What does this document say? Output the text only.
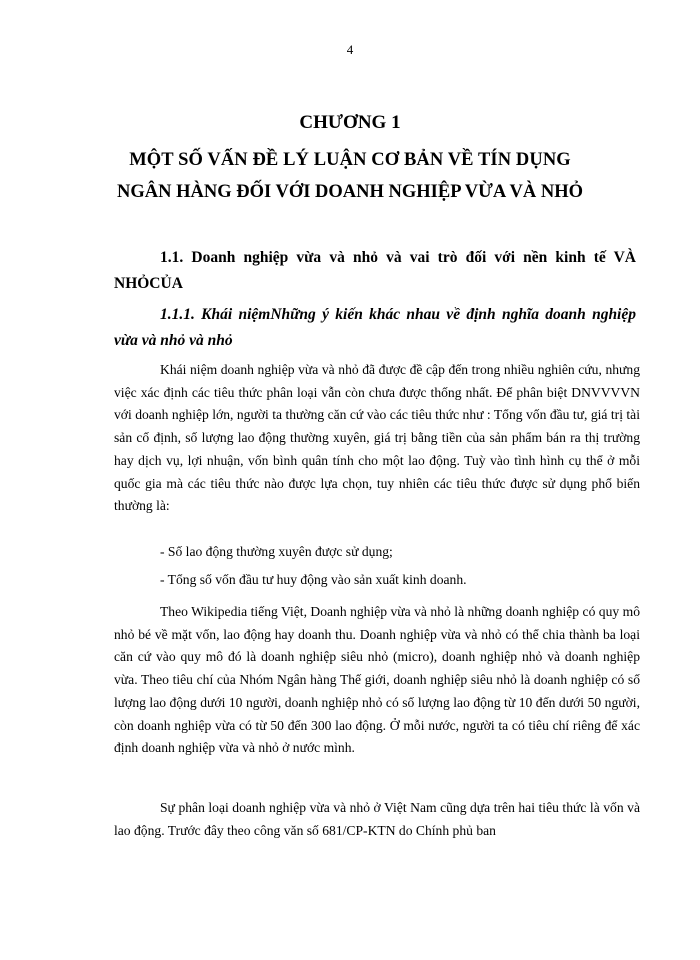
4
CHƯƠNG 1
MỘT SỐ VẤN ĐỀ LÝ LUẬN CƠ BẢN VỀ TÍN DỤNG
NGÂN HÀNG ĐỐI VỚI DOANH NGHIỆP VỪA VÀ NHỎ
1.1. Doanh nghiệp vừa và nhỏ và vai trò đối với nền kinh tế VÀ NHỎCỦA
1.1.1. Khái niệmNhững ý kiến khác nhau về định nghĩa doanh nghiệp vừa và nhỏ và nhỏ

Khái niệm doanh nghiệp vừa và nhỏ đã được đề cập đến trong nhiều nghiên cứu, nhưng việc xác định các tiêu thức phân loại vẫn còn chưa được thống nhất. Để phân biệt DNVVVVN với doanh nghiệp lớn, người ta thường căn cứ vào các tiêu thức như : Tổng vốn đầu tư, giá trị tài sản cố định, số lượng lao động thường xuyên, giá trị bằng tiền của sản phẩm bán ra thị trường hay dịch vụ, lợi nhuận, vốn bình quân tính cho một lao động. Tuỳ vào tình hình cụ thể ở mỗi quốc gia mà các tiêu thức nào được lựa chọn, tuy nhiên các tiêu thức được sử dụng phổ biến thường là:

- Số lao động thường xuyên được sử dụng;

- Tổng số vốn đầu tư huy động vào sản xuất kinh doanh.

Theo Wikipedia tiếng Việt, Doanh nghiệp vừa và nhỏ là những doanh nghiệp có quy mô nhỏ bé về mặt vốn, lao động hay doanh thu. Doanh nghiệp vừa và nhỏ có thể chia thành ba loại căn cứ vào quy mô đó là doanh nghiệp siêu nhỏ (micro), doanh nghiệp nhỏ và doanh nghiệp vừa. Theo tiêu chí của Nhóm Ngân hàng Thế giới, doanh nghiệp siêu nhỏ là doanh nghiệp có số lượng lao động dưới 10 người, doanh nghiệp nhỏ có số lượng lao động từ 10 đến dưới 50 người, còn doanh nghiệp vừa có từ 50 đến 300 lao động. Ở mỗi nước, người ta có tiêu chí riêng để xác định doanh nghiệp vừa và nhỏ ở nước mình.

Sự phân loại doanh nghiệp vừa và nhỏ ở Việt Nam cũng dựa trên hai tiêu thức là vốn và lao động. Trước đây theo công văn số 681/CP-KTN do Chính phủ ban
